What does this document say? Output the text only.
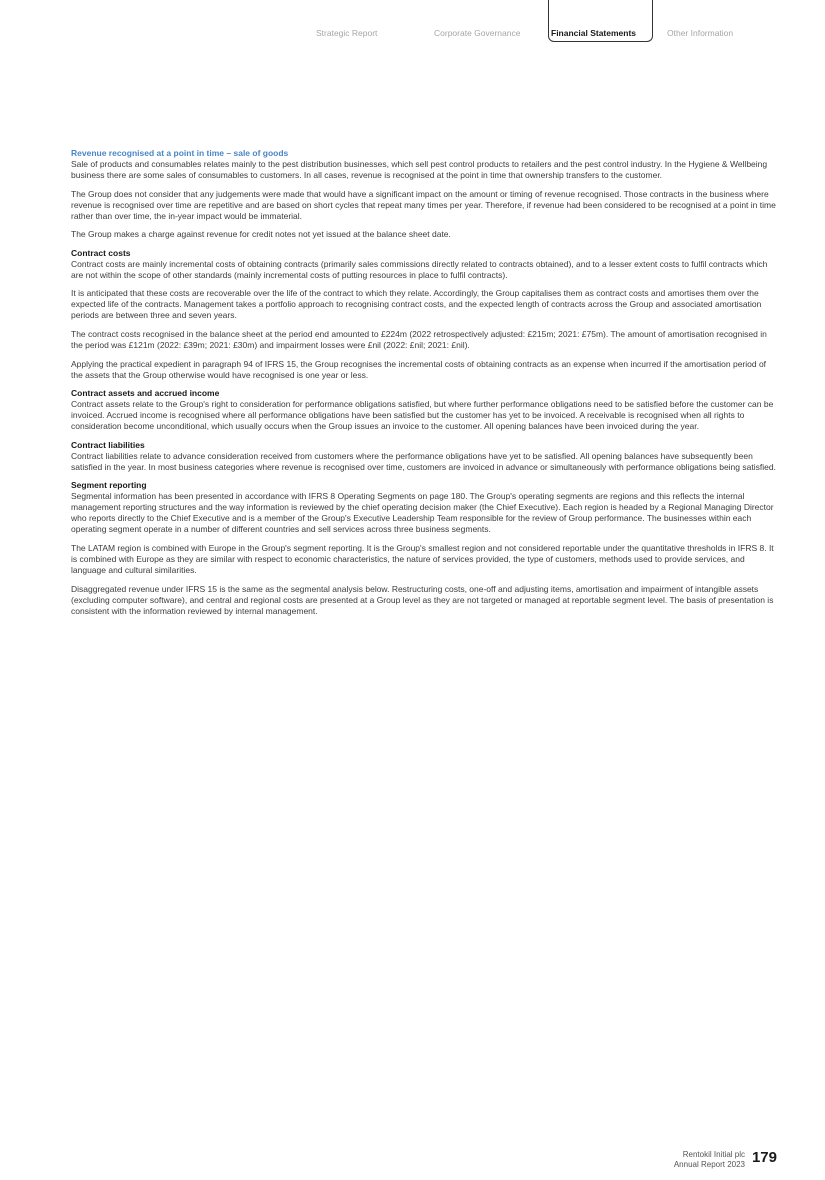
Strategic Report	Corporate Governance	Financial Statements	Other Information

Revenue recognised at a point in time – sale of goods
Sale of products and consumables relates mainly to the pest distribution businesses, which sell pest control products to retailers and the pest control industry. In the Hygiene & Wellbeing business there are some sales of consumables to customers. In all cases, revenue is recognised at the point in time that ownership transfers to the customer.

The Group does not consider that any judgements were made that would have a significant impact on the amount or timing of revenue recognised. Those contracts in the business where revenue is recognised over time are repetitive and are based on short cycles that repeat many times per year. Therefore, if revenue had been considered to be recognised at a point in time rather than over time, the in-year impact would be immaterial.

The Group makes a charge against revenue for credit notes not yet issued at the balance sheet date.

Contract costs
Contract costs are mainly incremental costs of obtaining contracts (primarily sales commissions directly related to contracts obtained), and to a lesser extent costs to fulfil contracts which are not within the scope of other standards (mainly incremental costs of putting resources in place to fulfil contracts).

It is anticipated that these costs are recoverable over the life of the contract to which they relate. Accordingly, the Group capitalises them as contract costs and amortises them over the expected life of the contracts. Management takes a portfolio approach to recognising contract costs, and the expected length of contracts across the Group and associated amortisation periods are between three and seven years.

The contract costs recognised in the balance sheet at the period end amounted to £224m (2022 retrospectively adjusted: £215m; 2021: £75m). The amount of amortisation recognised in the period was £121m (2022: £39m; 2021: £30m) and impairment losses were £nil (2022: £nil; 2021: £nil).

Applying the practical expedient in paragraph 94 of IFRS 15, the Group recognises the incremental costs of obtaining contracts as an expense when incurred if the amortisation period of the assets that the Group otherwise would have recognised is one year or less.

Contract assets and accrued income
Contract assets relate to the Group's right to consideration for performance obligations satisfied, but where further performance obligations need to be satisfied before the customer can be invoiced. Accrued income is recognised where all performance obligations have been satisfied but the customer has yet to be invoiced. A receivable is recognised when all rights to consideration become unconditional, which usually occurs when the Group issues an invoice to the customer. All opening balances have been invoiced during the year.

Contract liabilities
Contract liabilities relate to advance consideration received from customers where the performance obligations have yet to be satisfied. All opening balances have subsequently been satisfied in the year. In most business categories where revenue is recognised over time, customers are invoiced in advance or simultaneously with performance obligations being satisfied.

Segment reporting
Segmental information has been presented in accordance with IFRS 8 Operating Segments on page 180. The Group's operating segments are regions and this reflects the internal management reporting structures and the way information is reviewed by the chief operating decision maker (the Chief Executive). Each region is headed by a Regional Managing Director who reports directly to the Chief Executive and is a member of the Group's Executive Leadership Team responsible for the review of Group performance. The businesses within each operating segment operate in a number of different countries and sell services across three business segments.

The LATAM region is combined with Europe in the Group's segment reporting. It is the Group's smallest region and not considered reportable under the quantitative thresholds in IFRS 8. It is combined with Europe as they are similar with respect to economic characteristics, the nature of services provided, the type of customers, methods used to provide services, and language and cultural similarities.

Disaggregated revenue under IFRS 15 is the same as the segmental analysis below. Restructuring costs, one-off and adjusting items, amortisation and impairment of intangible assets (excluding computer software), and central and regional costs are presented at a Group level as they are not targeted or managed at reportable segment level. The basis of presentation is consistent with the information reviewed by internal management.

Rentokil Initial plc
Annual Report 2023 179
